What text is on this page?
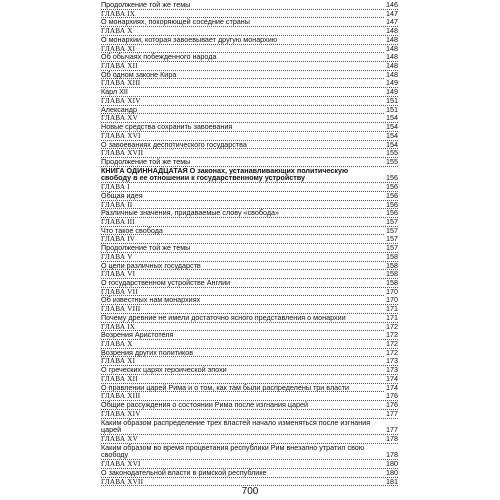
Продолжение той же темы	146
ГЛАВА IX	147
О монархиях, покоряющей соседние страны	147
ГЛАВА X	148
О монархии, которая завоевывает другую монархию	148
ГЛАВА XI	148
Об обычаях побежденного народа	148
ГЛАВА XII	148
Об одном законе Кира	148
ГЛАВА XIII	149
Карл XII	149
ГЛАВА XIV	151
Александр	151
ГЛАВА XV	154
Новые средства сохранить завоевания	154
ГЛАВА XVI	154
О завоеваниях деспотического государства	154
ГЛАВА XVII	155
Продолжение той же темы	155
КНИГА ОДИННАДЦАТАЯ О законах, устанавливающих политическую свободу в ее отношении к государственному устройству	156
ГЛАВА I	156
Общая идея	156
ГЛАВА II	156
Различные значения, придаваемые слову «свобода»	156
ГЛАВА III	157
Что такое свобода	157
ГЛАВА IV	157
Продолжение той же темы	157
ГЛАВА V	158
О цели различных государств	158
ГЛАВА VI	158
О государственном устройстве Англии	158
ГЛАВА VII	170
Об известных нам монархиях	170
ГЛАВА VIII	171
Почему древние не имели достаточно ясного представления о монархии	171
ГЛАВА IX	172
Возрения Аристотеля	172
ГЛАВА X	172
Возрения других политиков	172
ГЛАВА XI	173
О греческих царях героической эпохи	173
ГЛАВА XII	174
О правлении царей Рима и о том, как там были распределены три власти	174
ГЛАВА XIII	176
Общие рассуждения о состоянии Рима после изгнания царей	176
ГЛАВА XIV	177
Каким образом распределение трех властей начало изменяться после изгнания царей	177
ГЛАВА XV	178
Каким образом во время процветания республики Рим внезапно утратил свою свободу	178
ГЛАВА XVI	180
О законодательной власти в римской республике	180
ГЛАВА XVII	181
700
